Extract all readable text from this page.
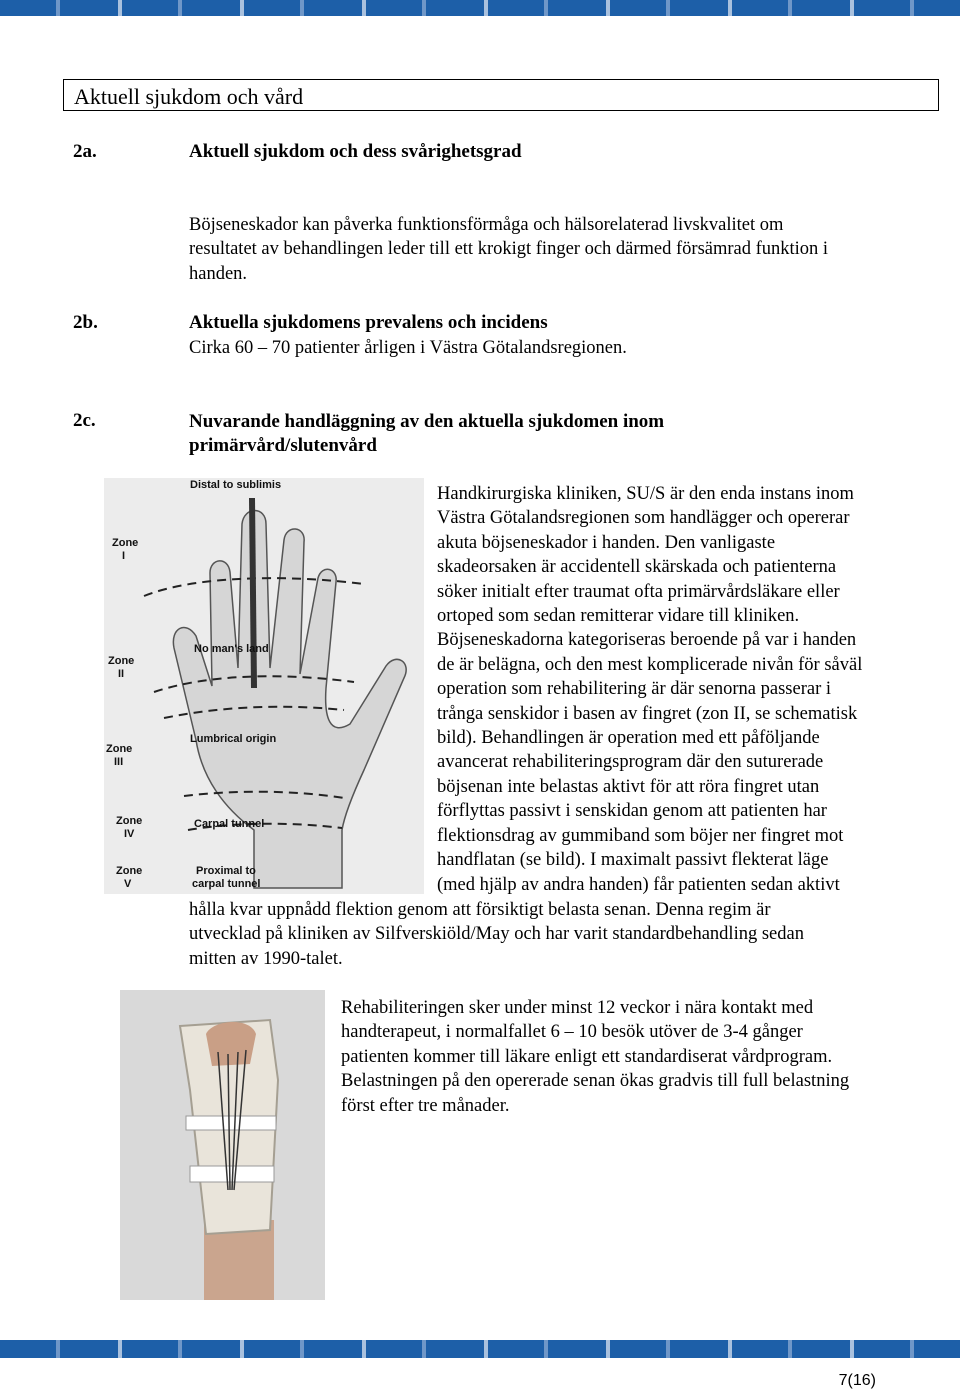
Aktuell sjukdom och vård
2a.	Aktuell sjukdom och dess svårighetsgrad
Böjseneskador kan påverka funktionsförmåga och hälsorelaterad livskvalitet om
resultatet av behandlingen leder till ett krokigt finger och därmed försämrad funktion i
handen.
2b.	Aktuella sjukdomens prevalens och incidens
Cirka 60 – 70 patienter årligen i Västra Götalandsregionen.
2c.	Nuvarande handläggning av den aktuella sjukdomen inom
primärvård/slutenvård
Distal to sublimis
Zone
I
Zone
II
Zone
III
Zone
IV
Zone
V
No man's land
Lumbrical origin
Carpal tunnel
Proximal to
carpal tunnel
Handkirurgiska kliniken, SU/S är den enda instans inom
Västra Götalandsregionen som handlägger och opererar
akuta böjseneskador i handen. Den vanligaste
skadeorsaken är accidentell skärskada och patienterna
söker initialt efter traumat ofta primärvårdsläkare eller
ortoped som sedan remitterar vidare till kliniken.
Böjseneskadorna kategoriseras beroende på var i handen
de är belägna, och den mest komplicerade nivån för såväl
operation som rehabilitering är där senorna passerar i
trånga senskidor i basen av fingret (zon II, se schematisk
bild). Behandlingen är operation med ett påföljande
avancerat rehabiliteringsprogram där den suturerade
böjsenan inte belastas aktivt för att röra fingret utan
förflyttas passivt i senskidan genom att patienten har
flektionsdrag av gummiband som böjer ner fingret mot
handflatan (se bild). I maximalt passivt flekterat läge
(med hjälp av andra handen) får patienten sedan aktivt
hålla kvar uppnådd flektion genom att försiktigt belasta senan. Denna regim är
utvecklad på kliniken av Silfverskiöld/May och har varit standardbehandling sedan
mitten av 1990-talet.
Rehabiliteringen sker under minst 12 veckor i nära kontakt med
handterapeut, i normalfallet 6 – 10 besök utöver de 3-4 gånger
patienten kommer till läkare enligt ett standardiserat vårdprogram.
Belastningen på den opererade senan ökas gradvis till full belastning
först efter tre månader.
7(16)
